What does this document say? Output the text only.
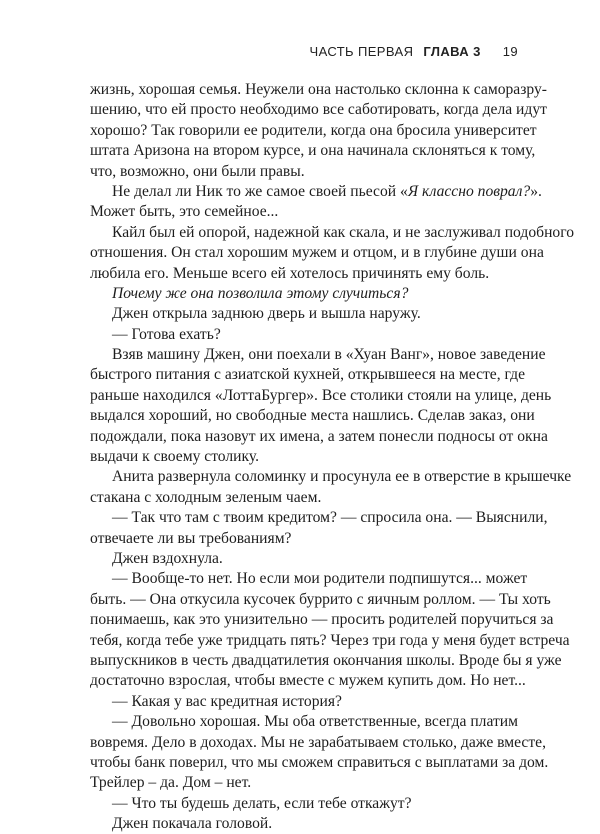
ЧАСТЬ ПЕРВАЯ ГЛАВА 3 19
жизнь, хорошая семья. Неужели она настолько склонна к саморазру-
шению, что ей просто необходимо все саботировать, когда дела идут
хорошо? Так говорили ее родители, когда она бросила университет
штата Аризона на втором курсе, и она начинала склоняться к тому,
что, возможно, они были правы.
Не делал ли Ник то же самое своей пьесой «Я классно поврал?».
Может быть, это семейное...
Кайл был ей опорой, надежной как скала, и не заслуживал подобного
отношения. Он стал хорошим мужем и отцом, и в глубине души она
любила его. Меньше всего ей хотелось причинять ему боль.
Почему же она позволила этому случиться?
Джен открыла заднюю дверь и вышла наружу.
— Готова ехать?
Взяв машину Джен, они поехали в «Хуан Ванг», новое заведение
быстрого питания с азиатской кухней, открывшееся на месте, где
раньше находился «ЛоттаБургер». Все столики стояли на улице, день
выдался хороший, но свободные места нашлись. Сделав заказ, они
подождали, пока назовут их имена, а затем понесли подносы от окна
выдачи к своему столику.
Анита развернула соломинку и просунула ее в отверстие в крышечке
стакана с холодным зеленым чаем.
— Так что там с твоим кредитом? — спросила она. — Выяснили,
отвечаете ли вы требованиям?
Джен вздохнула.
— Вообще-то нет. Но если мои родители подпишутся... может
быть. — Она откусила кусочек буррито с яичным роллом. — Ты хоть
понимаешь, как это унизительно — просить родителей поручиться за
тебя, когда тебе уже тридцать пять? Через три года у меня будет встреча
выпускников в честь двадцатилетия окончания школы. Вроде бы я уже
достаточно взрослая, чтобы вместе с мужем купить дом. Но нет...
— Какая у вас кредитная история?
— Довольно хорошая. Мы оба ответственные, всегда платим
вовремя. Дело в доходах. Мы не зарабатываем столько, даже вместе,
чтобы банк поверил, что мы сможем справиться с выплатами за дом.
Трейлер – да. Дом – нет.
— Что ты будешь делать, если тебе откажут?
Джен покачала головой.
